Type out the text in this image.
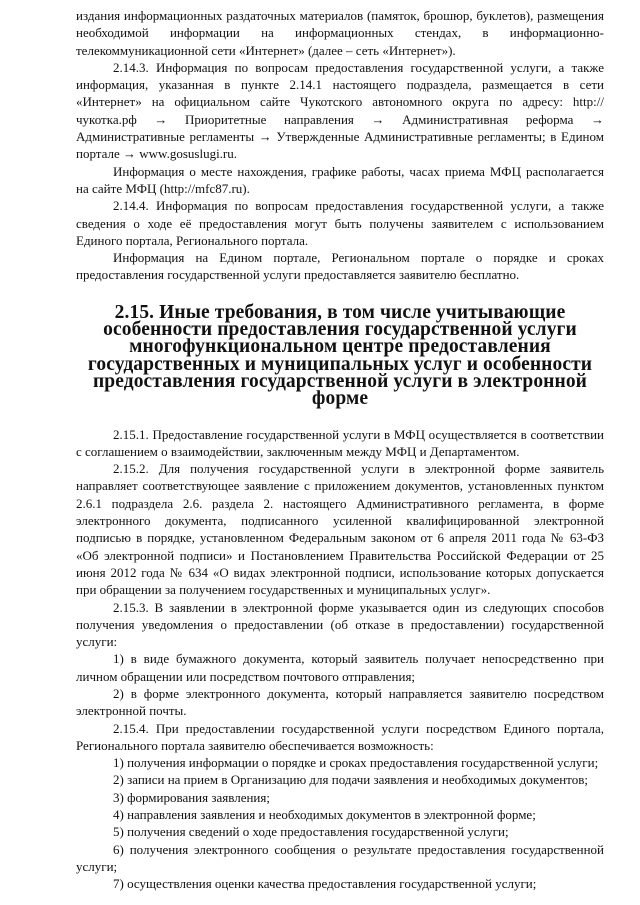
издания информационных раздаточных материалов (памяток, брошюр, буклетов), размещения необходимой информации на информационных стендах, в информационно-телекоммуникационной сети «Интернет» (далее – сеть «Интернет»).

2.14.3. Информация по вопросам предоставления государственной услуги, а также информация, указанная в пункте 2.14.1 настоящего подраздела, размещается в сети «Интернет» на официальном сайте Чукотского автономного округа по адресу: http://чукотка.рф → Приоритетные направления → Административная реформа → Административные регламенты → Утвержденные Административные регламенты; в Едином портале → www.gosuslugi.ru.

Информация о месте нахождения, графике работы, часах приема МФЦ располагается на сайте МФЦ (http://mfc87.ru).

2.14.4. Информация по вопросам предоставления государственной услуги, а также сведения о ходе её предоставления могут быть получены заявителем с использованием Единого портала, Регионального портала.

Информация на Едином портале, Региональном портале о порядке и сроках предоставления государственной услуги предоставляется заявителю бесплатно.

2.15. Иные требования, в том числе учитывающие особенности предоставления государственной услуги многофункциональном центре предоставления государственных и муниципальных услуг и особенности предоставления государственной услуги в электронной форме

2.15.1. Предоставление государственной услуги в МФЦ осуществляется в соответствии с соглашением о взаимодействии, заключенным между МФЦ и Департаментом.

2.15.2. Для получения государственной услуги в электронной форме заявитель направляет соответствующее заявление с приложением документов, установленных пунктом 2.6.1 подраздела 2.6. раздела 2. настоящего Административного регламента, в форме электронного документа, подписанного усиленной квалифицированной электронной подписью в порядке, установленном Федеральным законом от 6 апреля 2011 года № 63-ФЗ «Об электронной подписи» и Постановлением Правительства Российской Федерации от 25 июня 2012 года № 634 «О видах электронной подписи, использование которых допускается при обращении за получением государственных и муниципальных услуг».

2.15.3. В заявлении в электронной форме указывается один из следующих способов получения уведомления о предоставлении (об отказе в предоставлении) государственной услуги:

1) в виде бумажного документа, который заявитель получает непосредственно при личном обращении или посредством почтового отправления;

2) в форме электронного документа, который направляется заявителю посредством электронной почты.

2.15.4. При предоставлении государственной услуги посредством Единого портала, Регионального портала заявителю обеспечивается возможность:

1) получения информации о порядке и сроках предоставления государственной услуги;

2) записи на прием в Организацию для подачи заявления и необходимых документов;

3) формирования заявления;

4) направления заявления и необходимых документов в электронной форме;

5) получения сведений о ходе предоставления государственной услуги;

6) получения электронного сообщения о результате предоставления государственной услуги;

7) осуществления оценки качества предоставления государственной услуги;
